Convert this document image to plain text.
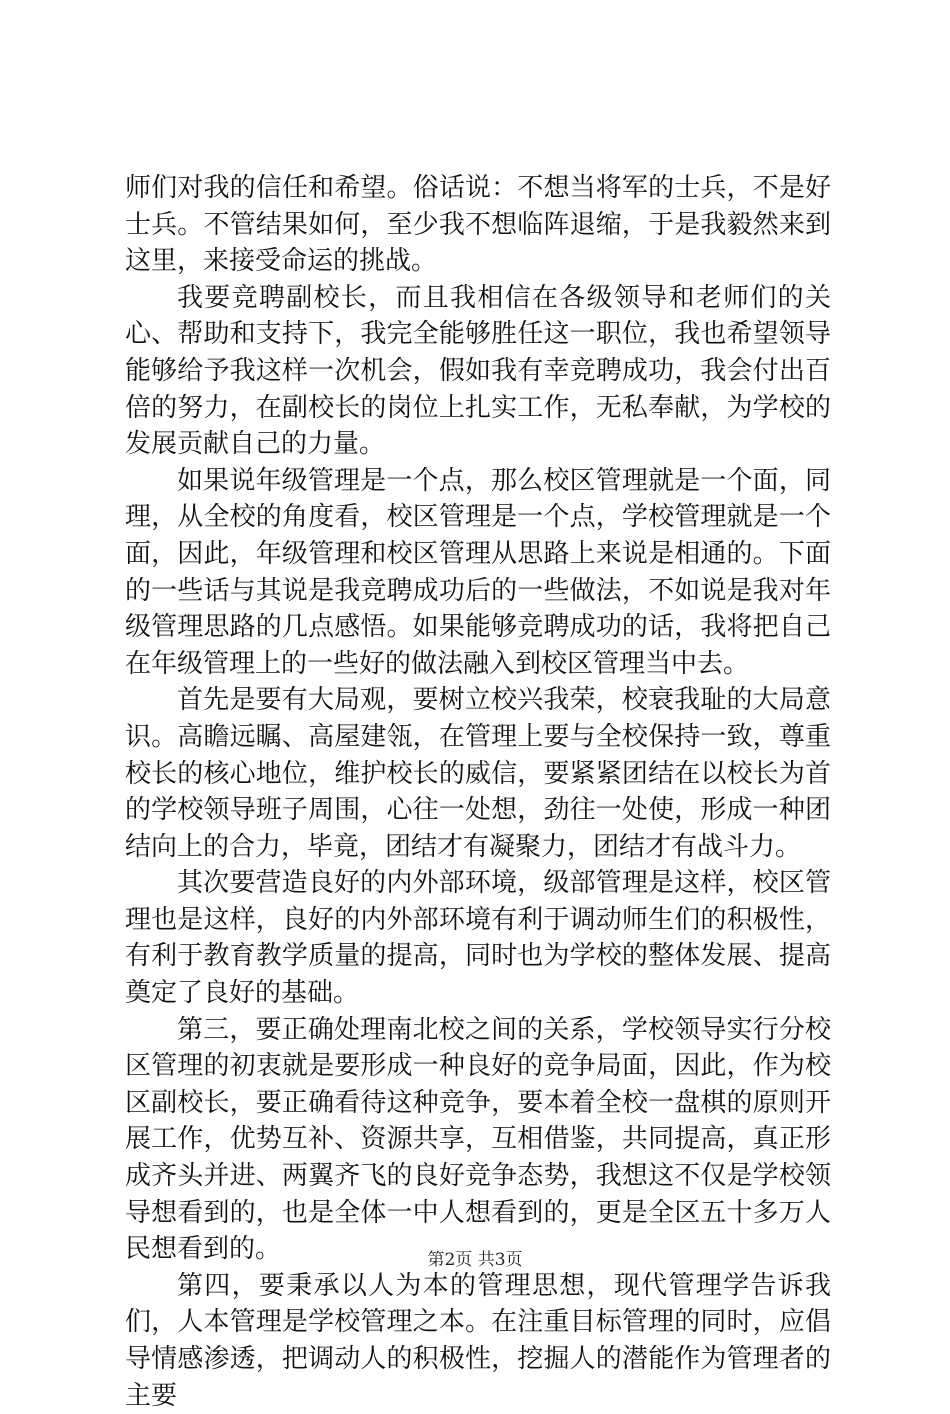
师们对我的信任和希望。俗话说：不想当将军的士兵，不是好士兵。不管结果如何，至少我不想临阵退缩，于是我毅然来到这里，来接受命运的挑战。

我要竞聘副校长，而且我相信在各级领导和老师们的关心、帮助和支持下，我完全能够胜任这一职位，我也希望领导能够给予我这样一次机会，假如我有幸竞聘成功，我会付出百倍的努力，在副校长的岗位上扎实工作，无私奉献，为学校的发展贡献自己的力量。

如果说年级管理是一个点，那么校区管理就是一个面，同理，从全校的角度看，校区管理是一个点，学校管理就是一个面，因此，年级管理和校区管理从思路上来说是相通的。下面的一些话与其说是我竞聘成功后的一些做法，不如说是我对年级管理思路的几点感悟。如果能够竞聘成功的话，我将把自己在年级管理上的一些好的做法融入到校区管理当中去。

首先是要有大局观，要树立校兴我荣，校衰我耻的大局意识。高瞻远瞩、高屋建瓴，在管理上要与全校保持一致，尊重校长的核心地位，维护校长的威信，要紧紧团结在以校长为首的学校领导班子周围，心往一处想，劲往一处使，形成一种团结向上的合力，毕竟，团结才有凝聚力，团结才有战斗力。

其次要营造良好的内外部环境，级部管理是这样，校区管理也是这样，良好的内外部环境有利于调动师生们的积极性，有利于教育教学质量的提高，同时也为学校的整体发展、提高奠定了良好的基础。

第三，要正确处理南北校之间的关系，学校领导实行分校区管理的初衷就是要形成一种良好的竞争局面，因此，作为校区副校长，要正确看待这种竞争，要本着全校一盘棋的原则开展工作，优势互补、资源共享，互相借鉴，共同提高，真正形成齐头并进、两翼齐飞的良好竞争态势，我想这不仅是学校领导想看到的，也是全体一中人想看到的，更是全区五十多万人民想看到的。

第四，要秉承以人为本的管理思想，现代管理学告诉我们，人本管理是学校管理之本。在注重目标管理的同时，应倡导情感渗透，把调动人的积极性，挖掘人的潜能作为管理者的主要

第2页 共3页
